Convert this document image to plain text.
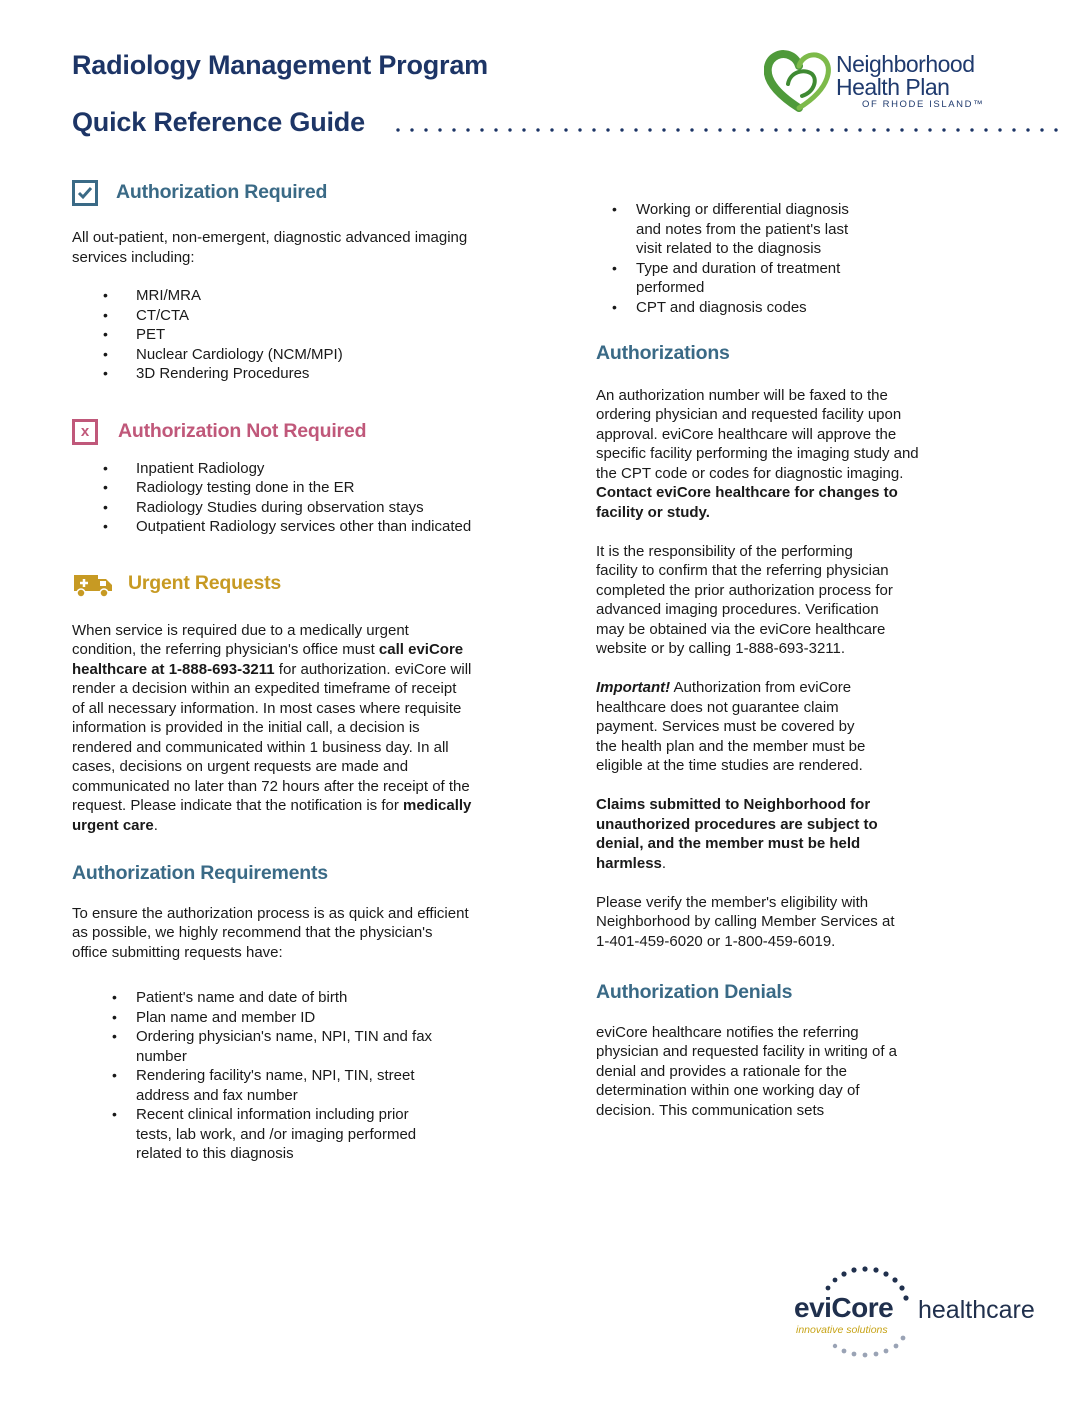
Radiology Management Program
Quick Reference Guide
Neighborhood
Health Plan
OF RHODE ISLAND™
Authorization Required

All out-patient, non-emergent, diagnostic advanced imaging services including:

• MRI/MRA
• CT/CTA
• PET
• Nuclear Cardiology (NCM/MPI)
• 3D Rendering Procedures
x	Authorization Not Required
• Inpatient Radiology
• Radiology testing done in the ER
• Radiology Studies during observation stays
• Outpatient Radiology services other than indicated
Urgent Requests

When service is required due to a medically urgent condition, the referring physician's office must call eviCore healthcare at 1-888-693-3211 for authorization. eviCore will render a decision within an expedited timeframe of receipt of all necessary information. In most cases where requisite information is provided in the initial call, a decision is rendered and communicated within 1 business day. In all cases, decisions on urgent requests are made and communicated no later than 72 hours after the receipt of the request. Please indicate that the notification is for medically urgent care.

Authorization Requirements

To ensure the authorization process is as quick and efficient as possible, we highly recommend that the physician's office submitting requests have:

• Patient's name and date of birth
• Plan name and member ID
• Ordering physician's name, NPI, TIN and fax number
• Rendering facility's name, NPI, TIN, street address and fax number
• Recent clinical information including prior tests, lab work, and /or imaging performed related to this diagnosis
• Working or differential diagnosis and notes from the patient's last visit related to the diagnosis
• Type and duration of treatment performed
• CPT and diagnosis codes
Authorizations

An authorization number will be faxed to the ordering physician and requested facility upon approval. eviCore healthcare will approve the specific facility performing the imaging study and the CPT code or codes for diagnostic imaging. Contact eviCore healthcare for changes to facility or study.

It is the responsibility of the performing facility to confirm that the referring physician completed the prior authorization process for advanced imaging procedures. Verification may be obtained via the eviCore healthcare website or by calling 1-888-693-3211.

Important! Authorization from eviCore healthcare does not guarantee claim payment. Services must be covered by the health plan and the member must be eligible at the time studies are rendered.

Claims submitted to Neighborhood for unauthorized procedures are subject to denial, and the member must be held harmless.

Please verify the member's eligibility with Neighborhood by calling Member Services at 1-401-459-6020 or 1-800-459-6019.

Authorization Denials

eviCore healthcare notifies the referring physician and requested facility in writing of a denial and provides a rationale for the determination within one working day of decision. This communication sets

eviCore
innovative solutions
healthcare
